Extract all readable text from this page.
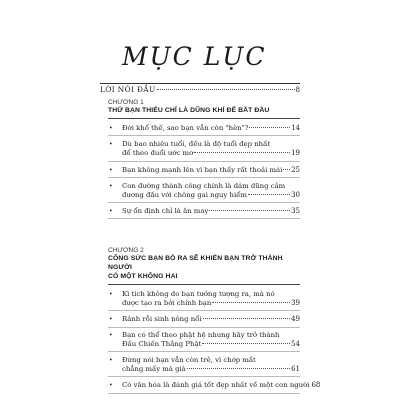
MỤC LỤC
LỜI NÓI ĐẦU	8
CHƯƠNG 1
THỬ BẠN THIẾU CHỈ LÀ DŨNG KHÍ ĐỂ BẮT ĐẦU
• Đời khổ thế, sao bạn vẫn còn "hèn"?	14
• Dù bao nhiêu tuổi, đều là độ tuổi đẹp nhất
để theo đuổi ước mơ	19
• Bạn không mạnh lên vì bạn thấy rất thoải mái 25
• Con đường thành công chính là dám dũng cảm
đương đầu với chông gai nguy hiểm	30
• Sự ổn định chỉ là ăn may	35
CHƯƠNG 2
CÔNG SỨC BẠN BỎ RA SẼ KHIẾN BẠN TRỞ THÀNH NGƯỜI
CÓ MỘT KHÔNG HAI
• Kì tích không do bạn tưởng tượng ra, mà nó
được tạo ra bởi chính bạn	39
• Rảnh rỗi sinh nông nổi	49
• Bạn có thể theo phật hệ nhưng hãy trở thành
Đấu Chiến Thắng Phật	54
• Đừng nói bạn vẫn còn trẻ, vì chớp mắt
chẳng mấy mà già	61
• Có văn hóa là đánh giá tốt đẹp nhất về một con người 68
